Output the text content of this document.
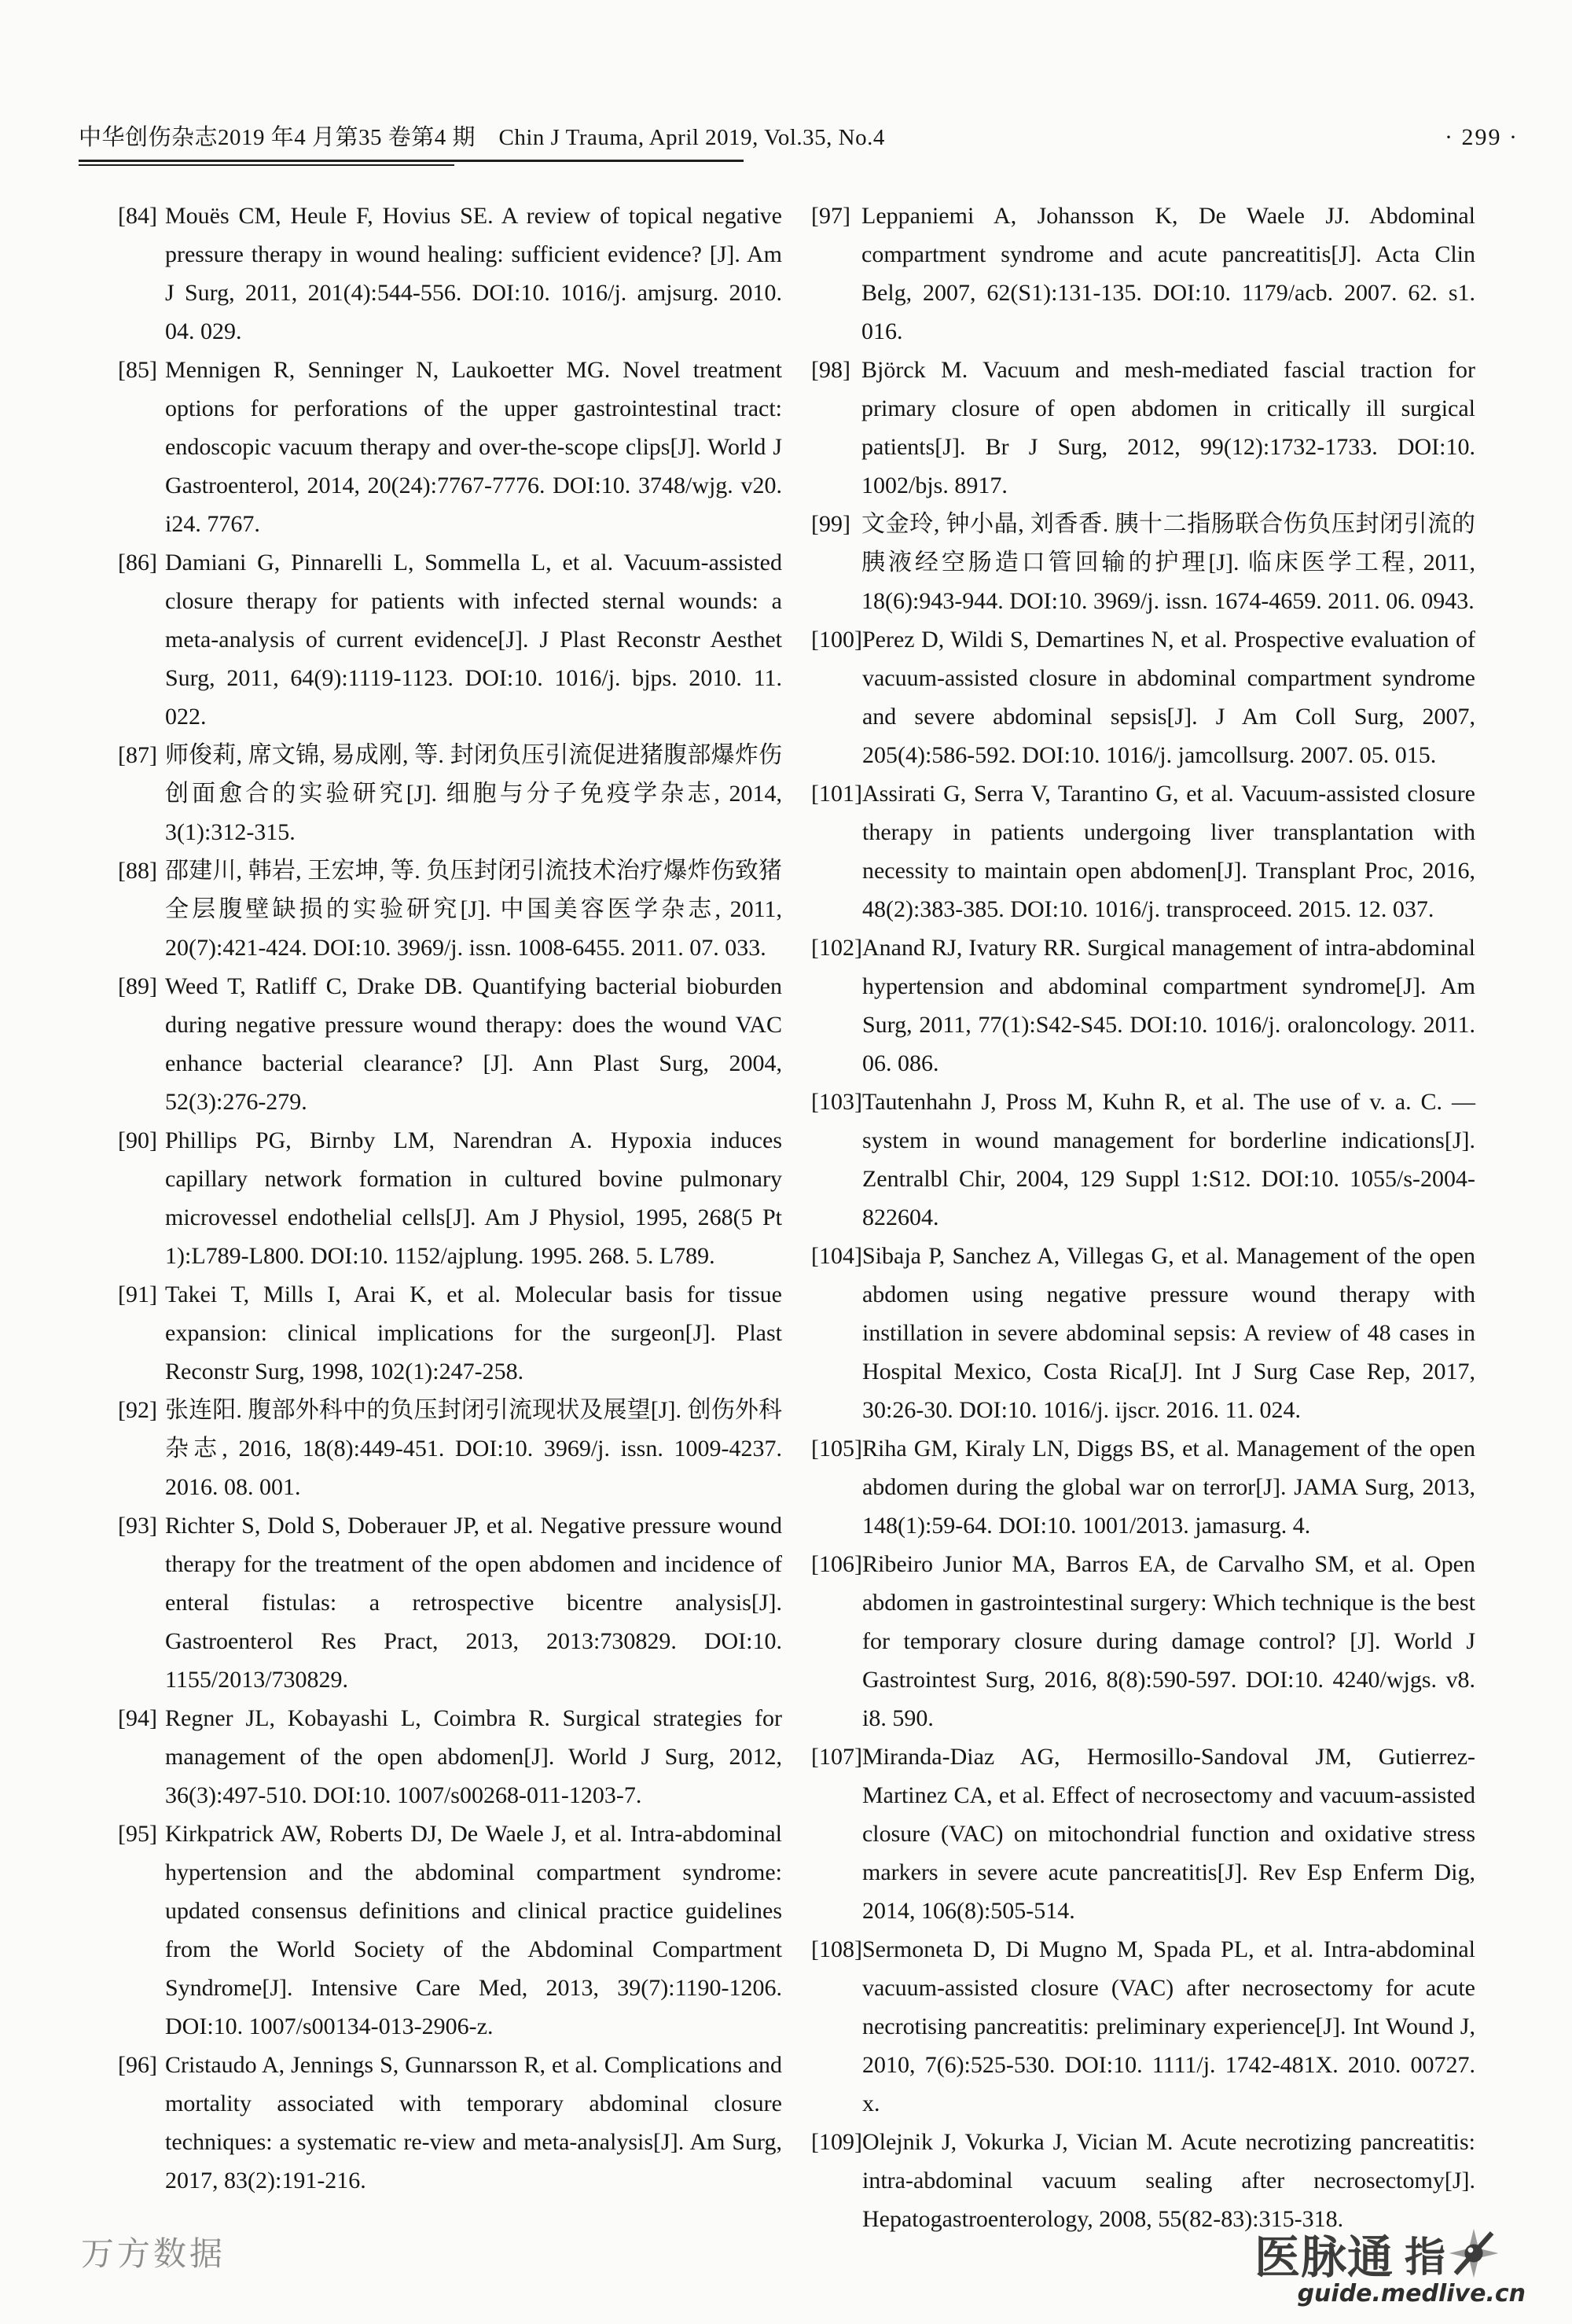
中华创伤杂志2019 年4 月第35 卷第4 期　Chin J Trauma, April 2019, Vol.35, No.4	· 299 ·
[84] Mouës CM, Heule F, Hovius SE. A review of topical negative pressure therapy in wound healing: sufficient evidence? [J]. Am J Surg, 2011, 201(4):544-556. DOI:10. 1016/j. amjsurg. 2010. 04. 029.
[85] Mennigen R, Senninger N, Laukoetter MG. Novel treatment options for perforations of the upper gastrointestinal tract: endoscopic vacuum therapy and over-the-scope clips[J]. World J Gastroenterol, 2014, 20(24):7767-7776. DOI:10. 3748/wjg. v20. i24. 7767.
[86] Damiani G, Pinnarelli L, Sommella L, et al. Vacuum-assisted closure therapy for patients with infected sternal wounds: a meta-analysis of current evidence[J]. J Plast Reconstr Aesthet Surg, 2011, 64(9):1119-1123. DOI:10. 1016/j. bjps. 2010. 11. 022.
[87] 师俊莉, 席文锦, 易成刚, 等. 封闭负压引流促进猪腹部爆炸伤创面愈合的实验研究[J]. 细胞与分子免疫学杂志, 2014, 3(1):312-315.
[88] 邵建川, 韩岩, 王宏坤, 等. 负压封闭引流技术治疗爆炸伤致猪全层腹壁缺损的实验研究[J]. 中国美容医学杂志, 2011, 20(7):421-424. DOI:10. 3969/j. issn. 1008-6455. 2011. 07. 033.
[89] Weed T, Ratliff C, Drake DB. Quantifying bacterial bioburden during negative pressure wound therapy: does the wound VAC enhance bacterial clearance? [J]. Ann Plast Surg, 2004, 52(3):276-279.
[90] Phillips PG, Birnby LM, Narendran A. Hypoxia induces capillary network formation in cultured bovine pulmonary microvessel endothelial cells[J]. Am J Physiol, 1995, 268(5 Pt 1):L789-L800. DOI:10. 1152/ajplung. 1995. 268. 5. L789.
[91] Takei T, Mills I, Arai K, et al. Molecular basis for tissue expansion: clinical implications for the surgeon[J]. Plast Reconstr Surg, 1998, 102(1):247-258.
[92] 张连阳. 腹部外科中的负压封闭引流现状及展望[J]. 创伤外科杂志, 2016, 18(8):449-451. DOI:10. 3969/j. issn. 1009-4237. 2016. 08. 001.
[93] Richter S, Dold S, Doberauer JP, et al. Negative pressure wound therapy for the treatment of the open abdomen and incidence of enteral fistulas: a retrospective bicentre analysis[J]. Gastroenterol Res Pract, 2013, 2013:730829. DOI:10. 1155/2013/730829.
[94] Regner JL, Kobayashi L, Coimbra R. Surgical strategies for management of the open abdomen[J]. World J Surg, 2012, 36(3):497-510. DOI:10. 1007/s00268-011-1203-7.
[95] Kirkpatrick AW, Roberts DJ, De Waele J, et al. Intra-abdominal hypertension and the abdominal compartment syndrome: updated consensus definitions and clinical practice guidelines from the World Society of the Abdominal Compartment Syndrome[J]. Intensive Care Med, 2013, 39(7):1190-1206. DOI:10. 1007/s00134-013-2906-z.
[96] Cristaudo A, Jennings S, Gunnarsson R, et al. Complications and mortality associated with temporary abdominal closure techniques: a systematic re-view and meta-analysis[J]. Am Surg, 2017, 83(2):191-216.
[97] Leppaniemi A, Johansson K, De Waele JJ. Abdominal compartment syndrome and acute pancreatitis[J]. Acta Clin Belg, 2007, 62(S1):131-135. DOI:10. 1179/acb. 2007. 62. s1. 016.
[98] Björck M. Vacuum and mesh-mediated fascial traction for primary closure of open abdomen in critically ill surgical patients[J]. Br J Surg, 2012, 99(12):1732-1733. DOI:10. 1002/bjs. 8917.
[99] 文金玲, 钟小晶, 刘香香. 胰十二指肠联合伤负压封闭引流的胰液经空肠造口管回输的护理[J]. 临床医学工程, 2011, 18(6):943-944. DOI:10. 3969/j. issn. 1674-4659. 2011. 06. 0943.
[100] Perez D, Wildi S, Demartines N, et al. Prospective evaluation of vacuum-assisted closure in abdominal compartment syndrome and severe abdominal sepsis[J]. J Am Coll Surg, 2007, 205(4):586-592. DOI:10. 1016/j. jamcollsurg. 2007. 05. 015.
[101] Assirati G, Serra V, Tarantino G, et al. Vacuum-assisted closure therapy in patients undergoing liver transplantation with necessity to maintain open abdomen[J]. Transplant Proc, 2016, 48(2):383-385. DOI:10. 1016/j. transproceed. 2015. 12. 037.
[102] Anand RJ, Ivatury RR. Surgical management of intra-abdominal hypertension and abdominal compartment syndrome[J]. Am Surg, 2011, 77(1):S42-S45. DOI:10. 1016/j. oraloncology. 2011. 06. 086.
[103] Tautenhahn J, Pross M, Kuhn R, et al. The use of v. a. C. — system in wound management for borderline indications[J]. Zentralbl Chir, 2004, 129 Suppl 1:S12. DOI:10. 1055/s-2004-822604.
[104] Sibaja P, Sanchez A, Villegas G, et al. Management of the open abdomen using negative pressure wound therapy with instillation in severe abdominal sepsis: A review of 48 cases in Hospital Mexico, Costa Rica[J]. Int J Surg Case Rep, 2017, 30:26-30. DOI:10. 1016/j. ijscr. 2016. 11. 024.
[105] Riha GM, Kiraly LN, Diggs BS, et al. Management of the open abdomen during the global war on terror[J]. JAMA Surg, 2013, 148(1):59-64. DOI:10. 1001/2013. jamasurg. 4.
[106] Ribeiro Junior MA, Barros EA, de Carvalho SM, et al. Open abdomen in gastrointestinal surgery: Which technique is the best for temporary closure during damage control? [J]. World J Gastrointest Surg, 2016, 8(8):590-597. DOI:10. 4240/wjgs. v8. i8. 590.
[107] Miranda-Diaz AG, Hermosillo-Sandoval JM, Gutierrez-Martinez CA, et al. Effect of necrosectomy and vacuum-assisted closure (VAC) on mitochondrial function and oxidative stress markers in severe acute pancreatitis[J]. Rev Esp Enferm Dig, 2014, 106(8):505-514.
[108] Sermoneta D, Di Mugno M, Spada PL, et al. Intra-abdominal vacuum-assisted closure (VAC) after necrosectomy for acute necrotising pancreatitis: preliminary experience[J]. Int Wound J, 2010, 7(6):525-530. DOI:10. 1111/j. 1742-481X. 2010. 00727. x.
[109] Olejnik J, Vokurka J, Vician M. Acute necrotizing pancreatitis: intra-abdominal vacuum sealing after necrosectomy[J]. Hepatogastroenterology, 2008, 55(82-83):315-318.
万方数据	医脉通 指
guide.medlive.cn
